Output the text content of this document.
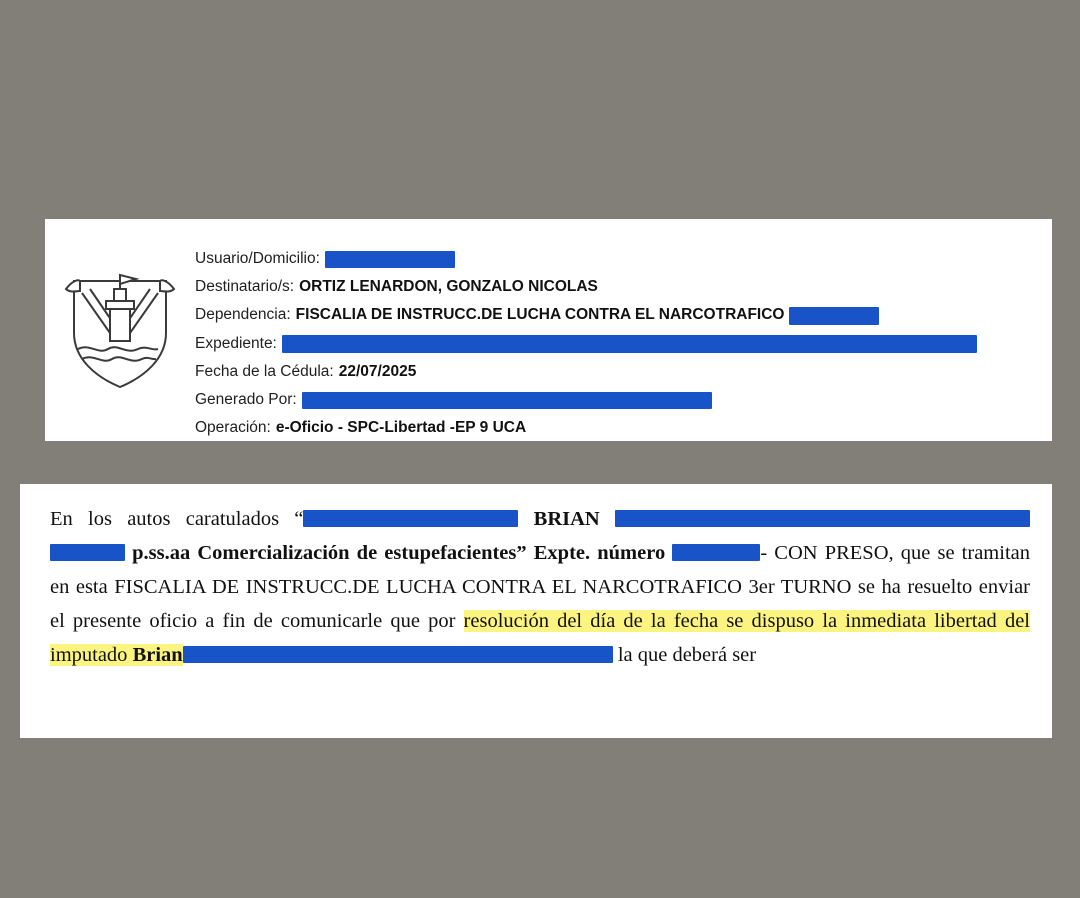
Usuario/Domicilio:
Destinatario/s: ORTIZ LENARDON, GONZALO NICOLAS
Dependencia: FISCALIA DE INSTRUCC.DE LUCHA CONTRA EL NARCOTRAFICO
Expediente:
Fecha de la Cédula: 22/07/2025
Generado Por:
Operación: e-Oficio - SPC-Libertad -EP 9 UCA

En los autos caratulados “	BRIAN  p.ss.aa Comercialización de estupefacientes” Expte. número	- CON PRESO, que se tramitan en esta FISCALIA DE INSTRUCC.DE LUCHA CONTRA EL NARCOTRAFICO 3er TURNO se ha resuelto enviar el presente oficio a fin de comunicarle que por resolución del día de la fecha se dispuso la inmediata libertad del imputado Brian	la que deberá ser
